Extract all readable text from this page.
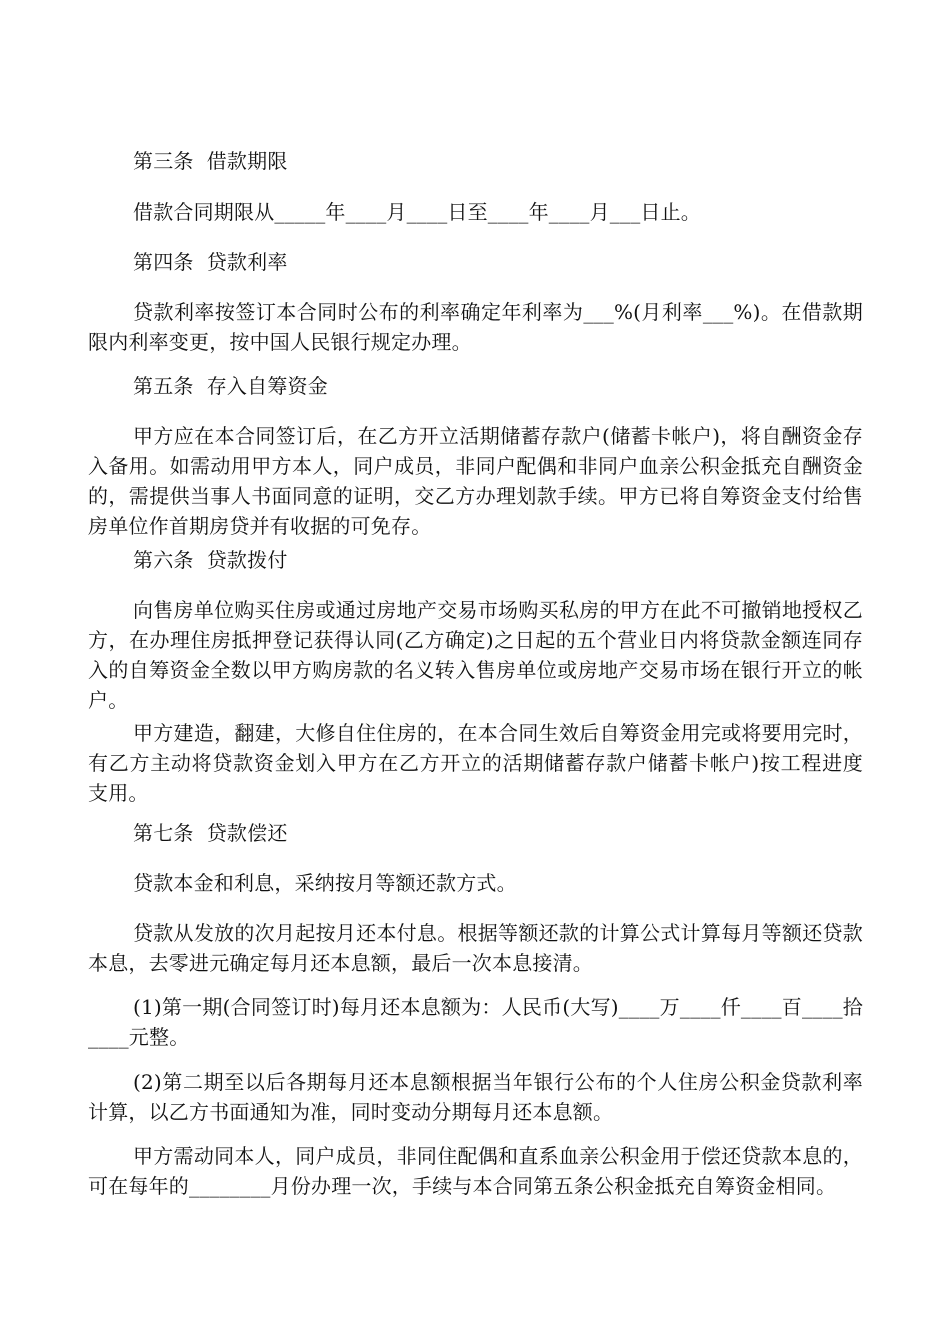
第三条  借款期限

借款合同期限从_____年____月____日至____年____月___日止。

第四条  贷款利率

贷款利率按签订本合同时公布的利率确定年利率为___%(月利率___%)。在借款期限内利率变更，按中国人民银行规定办理。

第五条  存入自筹资金

甲方应在本合同签订后，在乙方开立活期储蓄存款户(储蓄卡帐户)，将自酬资金存入备用。如需动用甲方本人，同户成员，非同户配偶和非同户血亲公积金抵充自酬资金的，需提供当事人书面同意的证明，交乙方办理划款手续。甲方已将自筹资金支付给售房单位作首期房贷并有收据的可免存。

第六条  贷款拨付

向售房单位购买住房或通过房地产交易市场购买私房的甲方在此不可撤销地授权乙方，在办理住房抵押登记获得认同(乙方确定)之日起的五个营业日内将贷款金额连同存入的自筹资金全数以甲方购房款的名义转入售房单位或房地产交易市场在银行开立的帐户。

甲方建造，翻建，大修自住住房的，在本合同生效后自筹资金用完或将要用完时，有乙方主动将贷款资金划入甲方在乙方开立的活期储蓄存款户储蓄卡帐户)按工程进度支用。

第七条  贷款偿还

贷款本金和利息，采纳按月等额还款方式。

贷款从发放的次月起按月还本付息。根据等额还款的计算公式计算每月等额还贷款本息，去零进元确定每月还本息额，最后一次本息接清。

(1)第一期(合同签订时)每月还本息额为：人民币(大写)____万____仟____百____拾____元整。

(2)第二期至以后各期每月还本息额根据当年银行公布的个人住房公积金贷款利率计算，以乙方书面通知为准，同时变动分期每月还本息额。

甲方需动同本人，同户成员，非同住配偶和直系血亲公积金用于偿还贷款本息的，可在每年的________月份办理一次，手续与本合同第五条公积金抵充自筹资金相同。
